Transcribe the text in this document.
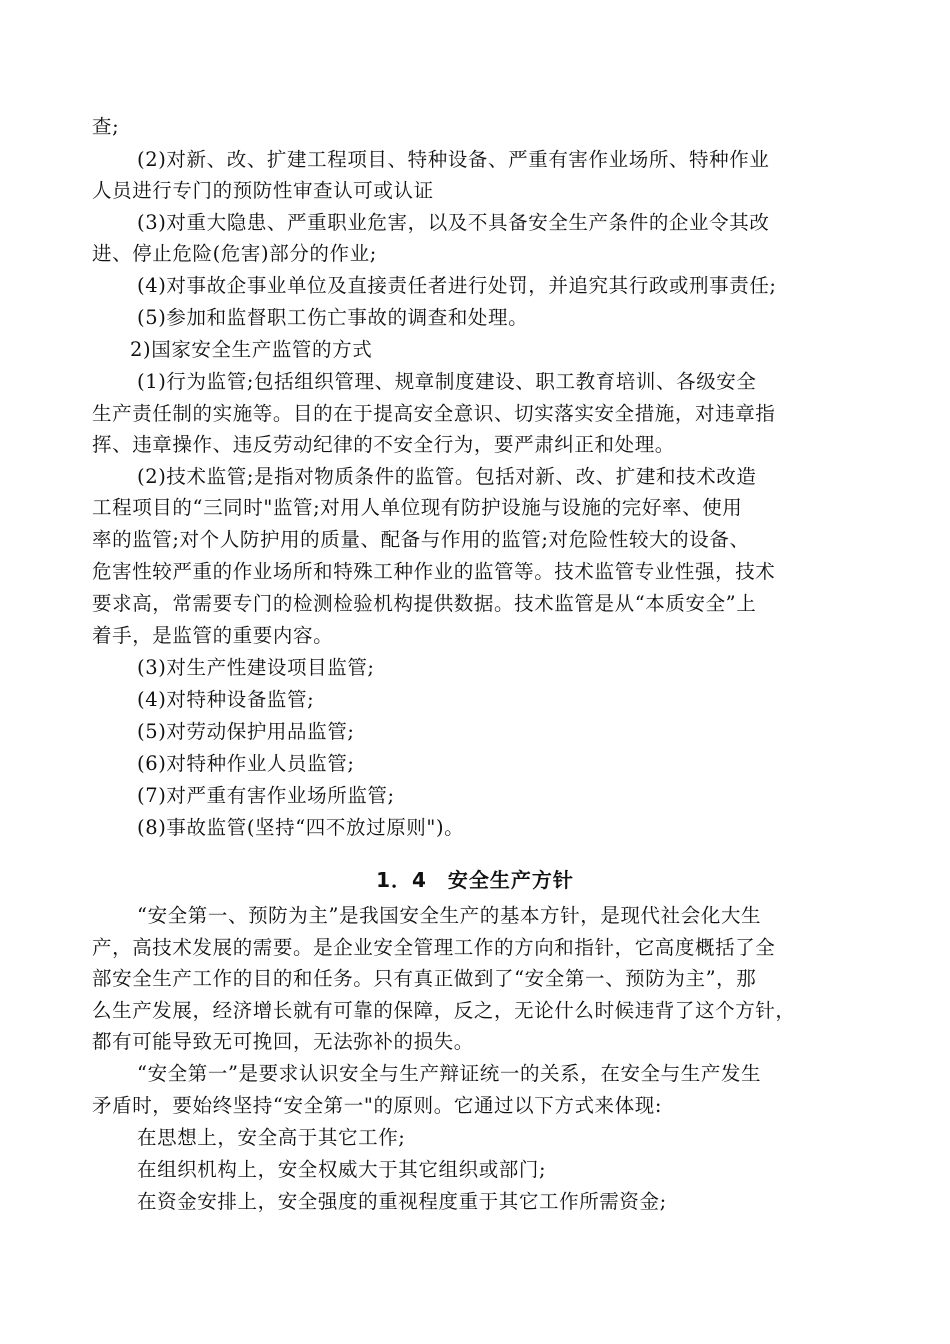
查;
(2)对新、改、扩建工程项目、特种设备、严重有害作业场所、特种作业
人员进行专门的预防性审查认可或认证
(3)对重大隐患、严重职业危害，以及不具备安全生产条件的企业令其改
进、停止危险(危害)部分的作业;
(4)对事故企事业单位及直接责任者进行处罚，并追究其行政或刑事责任;
(5)参加和监督职工伤亡事故的调查和处理。
2)国家安全生产监管的方式
(1)行为监管;包括组织管理、规章制度建设、职工教育培训、各级安全
生产责任制的实施等。目的在于提高安全意识、切实落实安全措施，对违章指
挥、违章操作、违反劳动纪律的不安全行为，要严肃纠正和处理。
(2)技术监管;是指对物质条件的监管。包括对新、改、扩建和技术改造
工程项目的“三同时"监管;对用人单位现有防护设施与设施的完好率、使用
率的监管;对个人防护用的质量、配备与作用的监管;对危险性较大的设备、
危害性较严重的作业场所和特殊工种作业的监管等。技术监管专业性强，技术
要求高，常需要专门的检测检验机构提供数据。技术监管是从“本质安全”上
着手，是监管的重要内容。
(3)对生产性建设项目监管;
(4)对特种设备监管;
(5)对劳动保护用品监管;
(6)对特种作业人员监管;
(7)对严重有害作业场所监管;
(8)事故监管(坚持“四不放过原则")。
1．4　安全生产方针
“安全第一、预防为主”是我国安全生产的基本方针，是现代社会化大生
产，高技术发展的需要。是企业安全管理工作的方向和指针，它高度概括了全
部安全生产工作的目的和任务。只有真正做到了“安全第一、预防为主”，那
么生产发展，经济增长就有可靠的保障，反之，无论什么时候违背了这个方针，
都有可能导致无可挽回，无法弥补的损失。
“安全第一”是要求认识安全与生产辩证统一的关系，在安全与生产发生
矛盾时，要始终坚持“安全第一"的原则。它通过以下方式来体现:
在思想上，安全高于其它工作;
在组织机构上，安全权威大于其它组织或部门;
在资金安排上，安全强度的重视程度重于其它工作所需资金;
